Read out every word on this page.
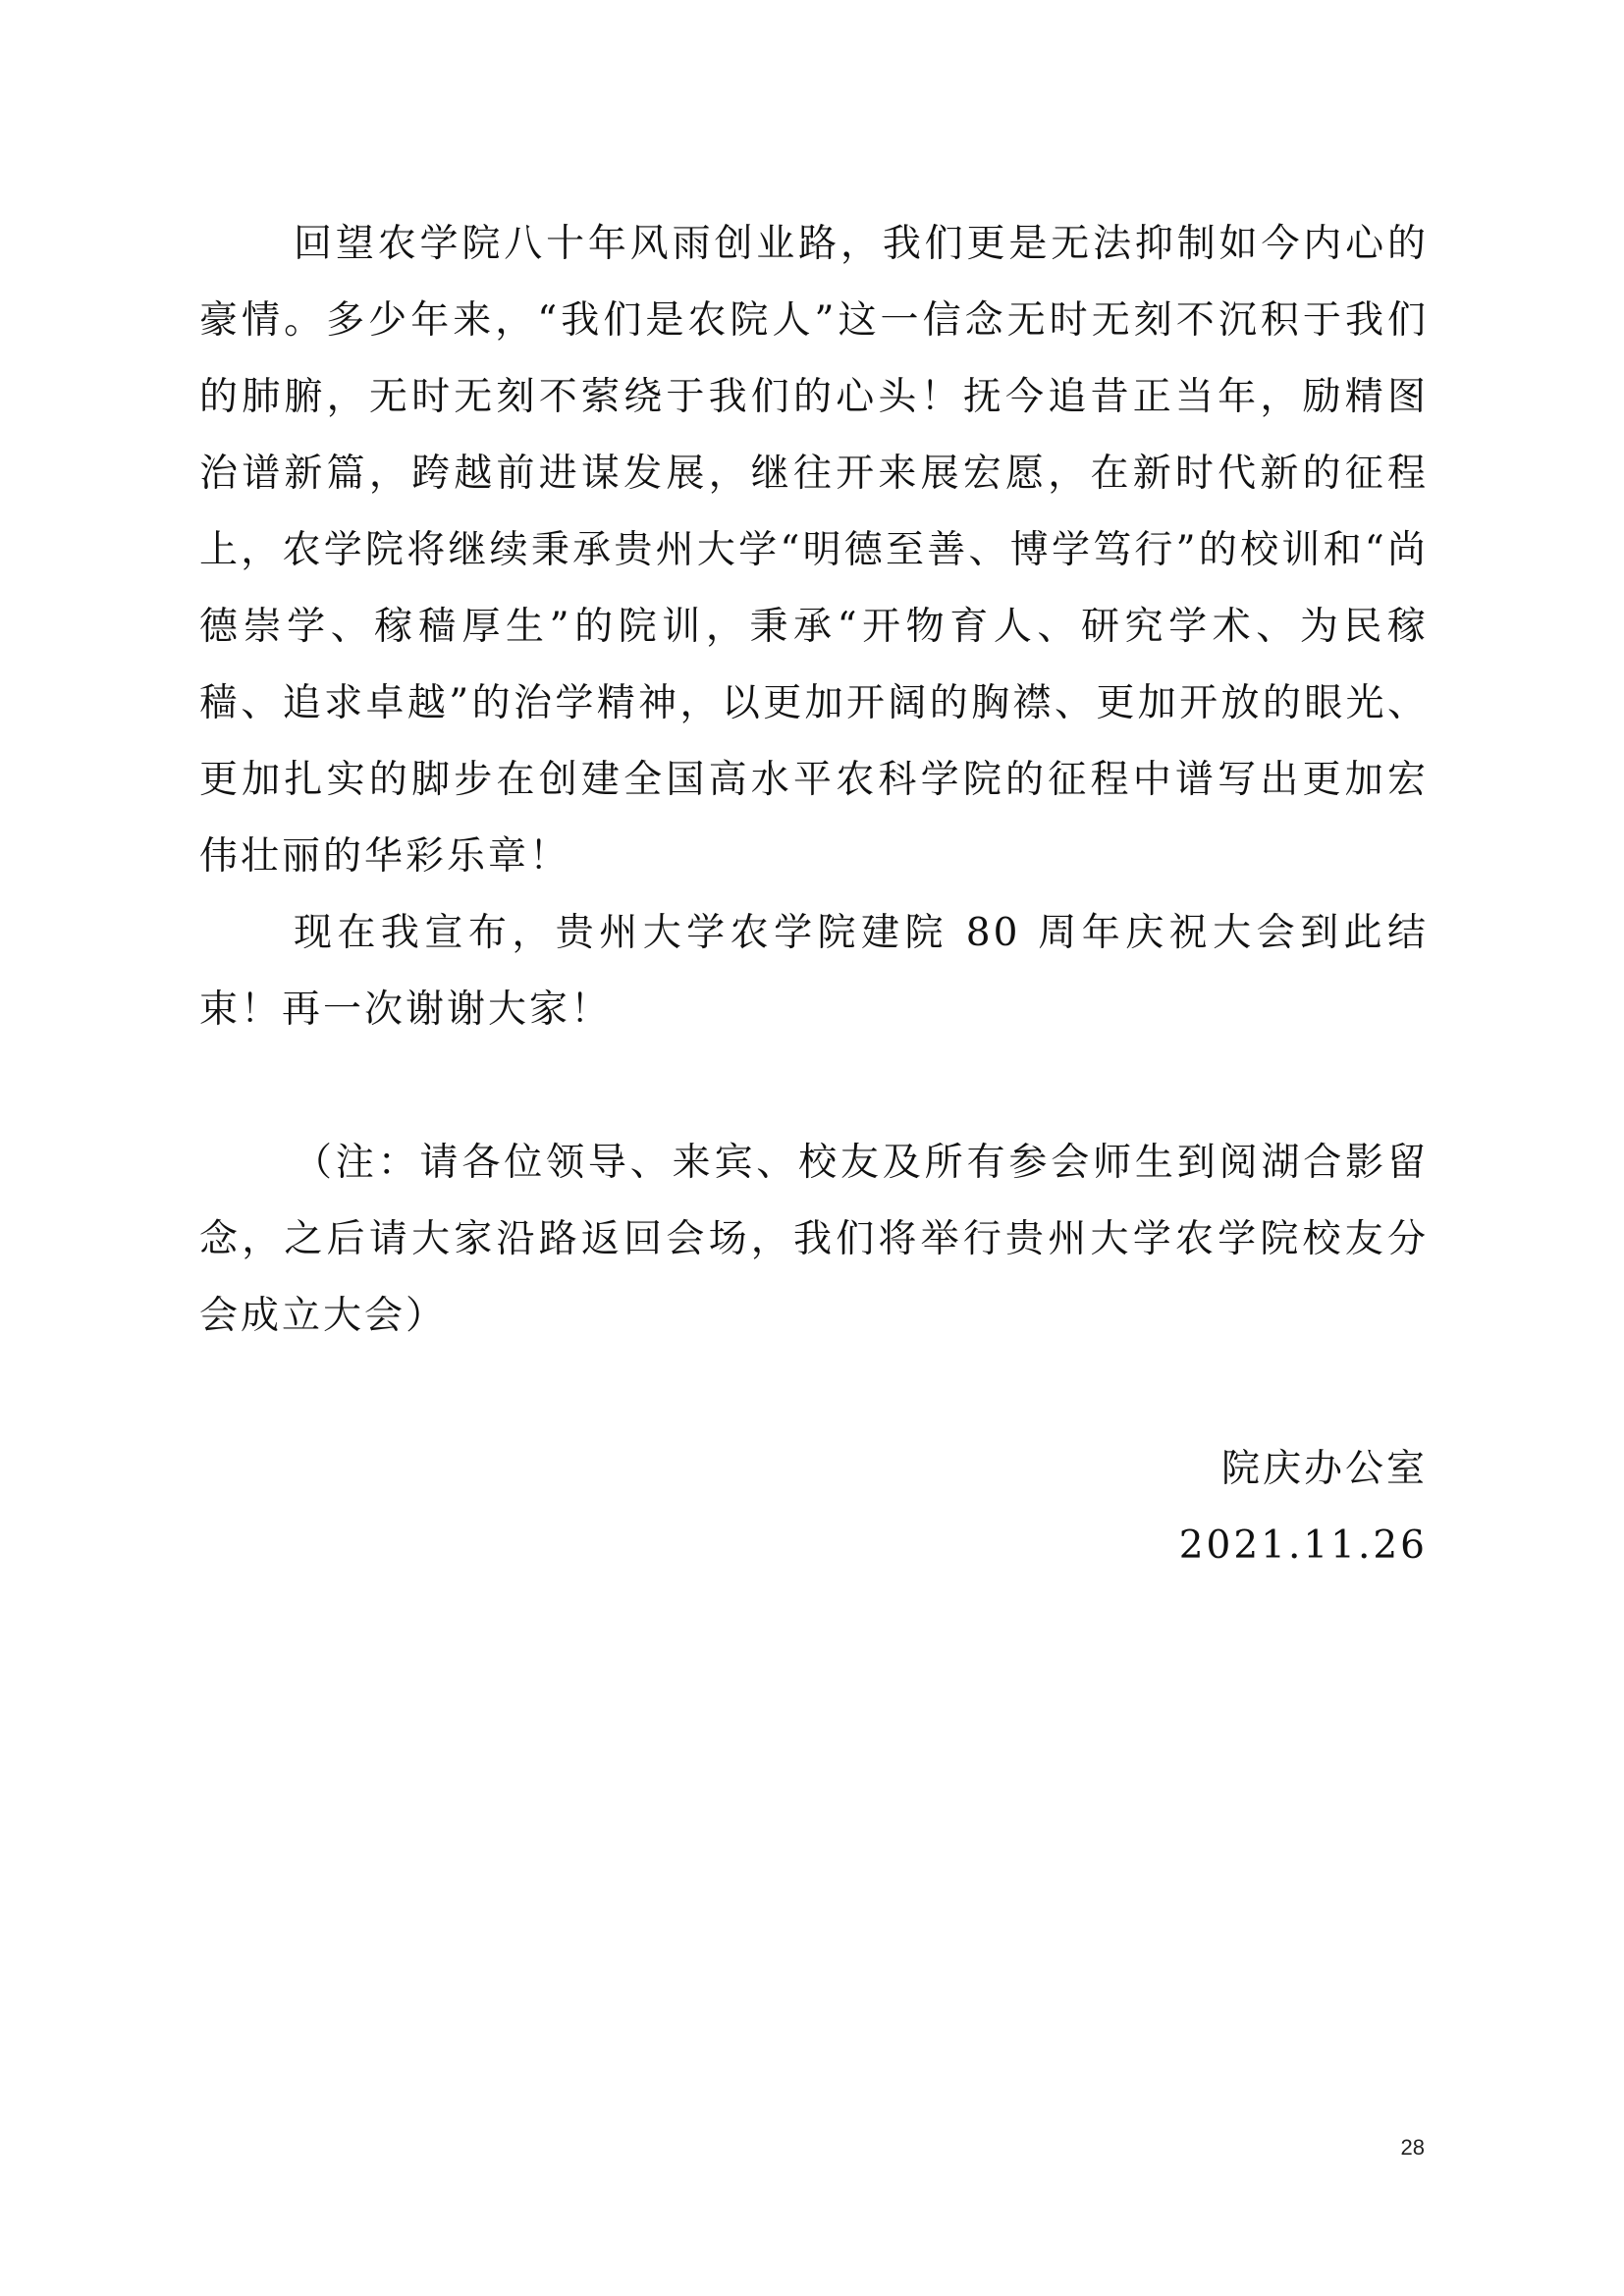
回望农学院八十年风雨创业路，我们更是无法抑制如今内心的豪情。多少年来，“我们是农院人”这一信念无时无刻不沉积于我们的肺腑，无时无刻不萦绕于我们的心头！抚今追昔正当年，励精图治谱新篇，跨越前进谋发展，继往开来展宏愿，在新时代新的征程上，农学院将继续秉承贵州大学“明德至善、博学笃行”的校训和“尚德崇学、稼穑厚生”的院训，秉承“开物育人、研究学术、为民稼穑、追求卓越”的治学精神，以更加开阔的胸襟、更加开放的眼光、更加扎实的脚步在创建全国高水平农科学院的征程中谱写出更加宏伟壮丽的华彩乐章！

现在我宣布，贵州大学农学院建院 80 周年庆祝大会到此结束！再一次谢谢大家！

（注：请各位领导、来宾、校友及所有参会师生到阅湖合影留念，之后请大家沿路返回会场，我们将举行贵州大学农学院校友分会成立大会）

院庆办公室
2021.11.26
28
